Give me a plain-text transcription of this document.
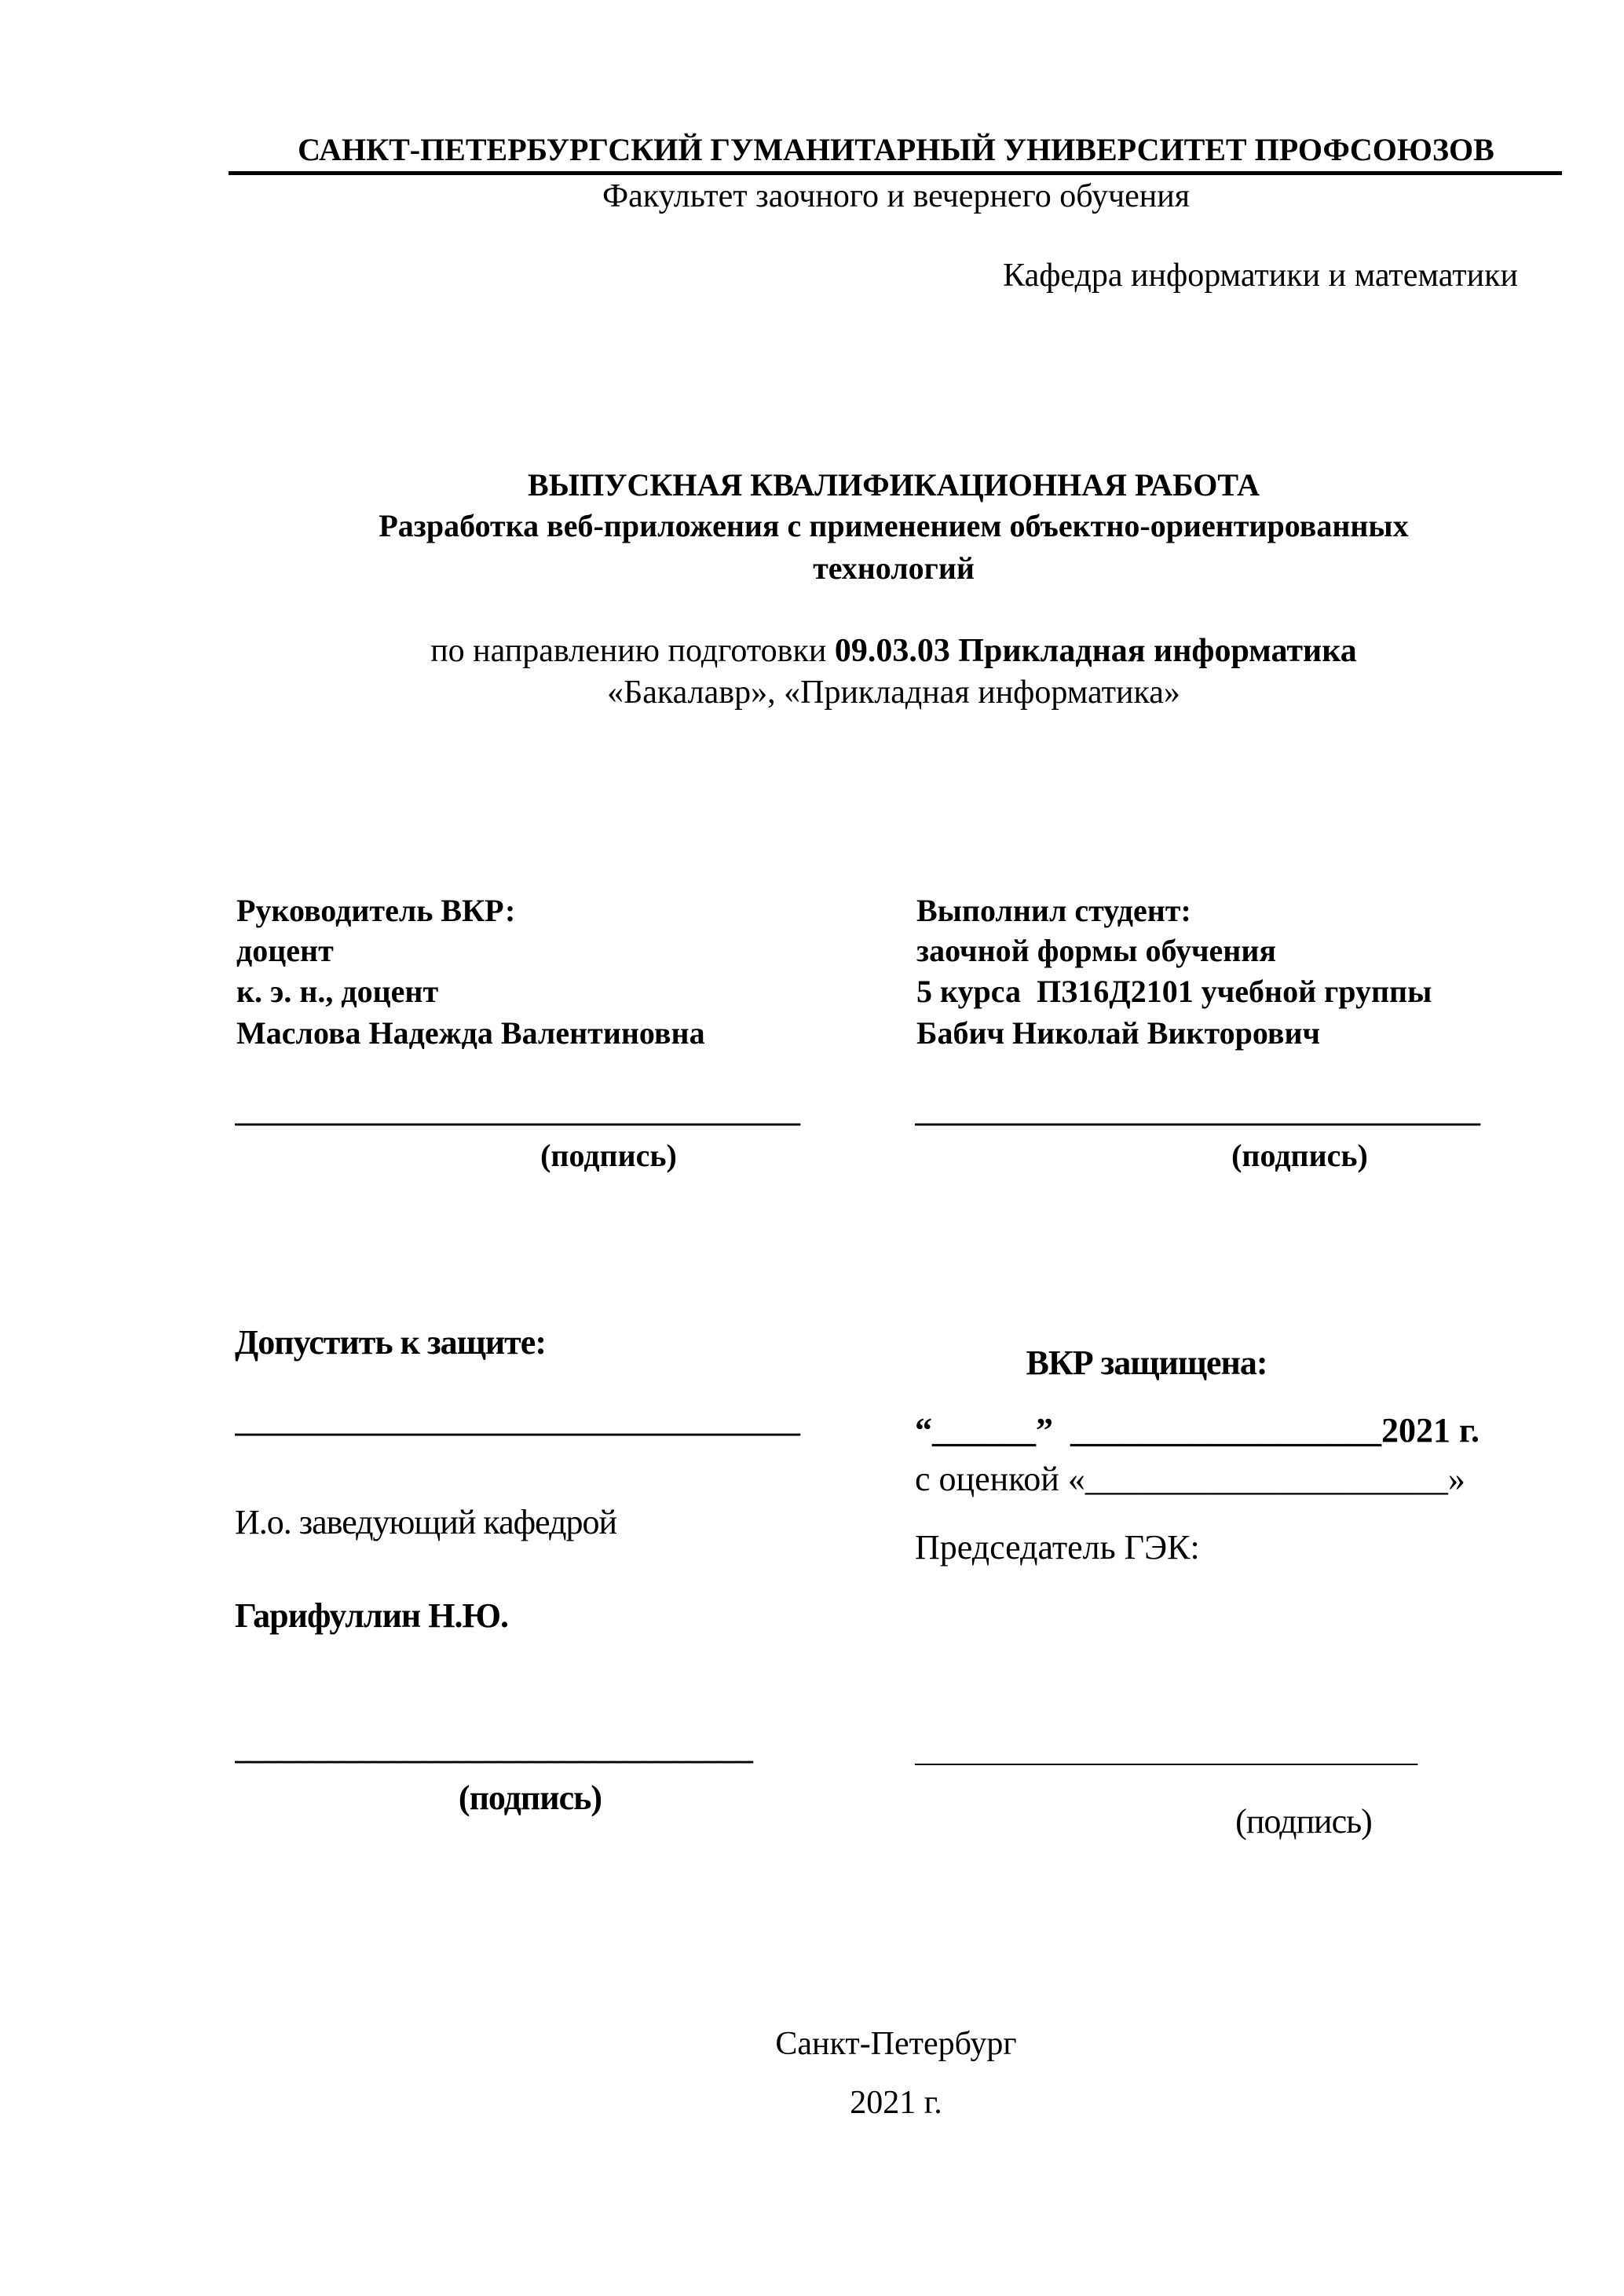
САНКТ-ПЕТЕРБУРГСКИЙ ГУМАНИТАРНЫЙ УНИВЕРСИТЕТ ПРОФСОЮЗОВ
Факультет заочного и вечернего обучения
Кафедра информатики и математики
ВЫПУСКНАЯ КВАЛИФИКАЦИОННАЯ РАБОТА
Разработка веб-приложения с применением объектно-ориентированных
технологий
по направлению подготовки 09.03.03 Прикладная информатика
«Бакалавр», «Прикладная информатика»
Руководитель ВКР:
доцент
к. э. н., доцент
Маслова Надежда Валентиновна
____________________________________
(подпись)
Выполнил студент:
заочной формы обучения
5 курса  ПЗ16Д2101 учебной группы
Бабич Николай Викторович
____________________________________
(подпись)
Допустить к защите:
____________________________________
И.о. заведующий кафедрой
Гарифуллин Н.Ю.
_________________________________
(подпись)
ВКР защищена:
“______” __________________2021 г.
с оценкой «_____________________»
Председатель ГЭК:
________________________________
(подпись)
Санкт-Петербург
2021 г.
